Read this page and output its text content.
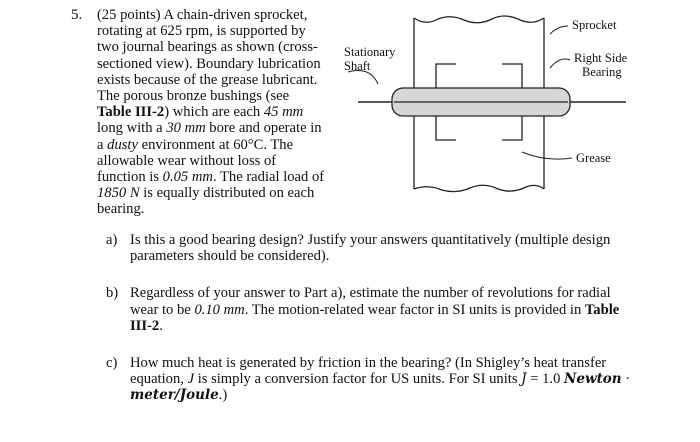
5. (25 points) A chain-driven sprocket,
rotating at 625 rpm, is supported by
two journal bearings as shown (cross-
sectioned view). Boundary lubrication
exists because of the grease lubricant.
The porous bronze bushings (see
Table III-2) which are each 45 mm
long with a 30 mm bore and operate in
a dusty environment at 60°C. The
allowable wear without loss of
function is 0.05 mm. The radial load of
1850 N is equally distributed on each
bearing.
Sprocket
Right Side
Bearing
Stationary
Shaft
Grease
a) Is this a good bearing design? Justify your answers quantitatively (multiple design
parameters should be considered).
b) Regardless of your answer to Part a), estimate the number of revolutions for radial
wear to be 0.10 mm. The motion-related wear factor in SI units is provided in Table
III-2.
c) How much heat is generated by friction in the bearing? (In Shigley’s heat transfer
equation, J is simply a conversion factor for US units. For SI units J = 1.0 Newton ·
meter/Joule.)
